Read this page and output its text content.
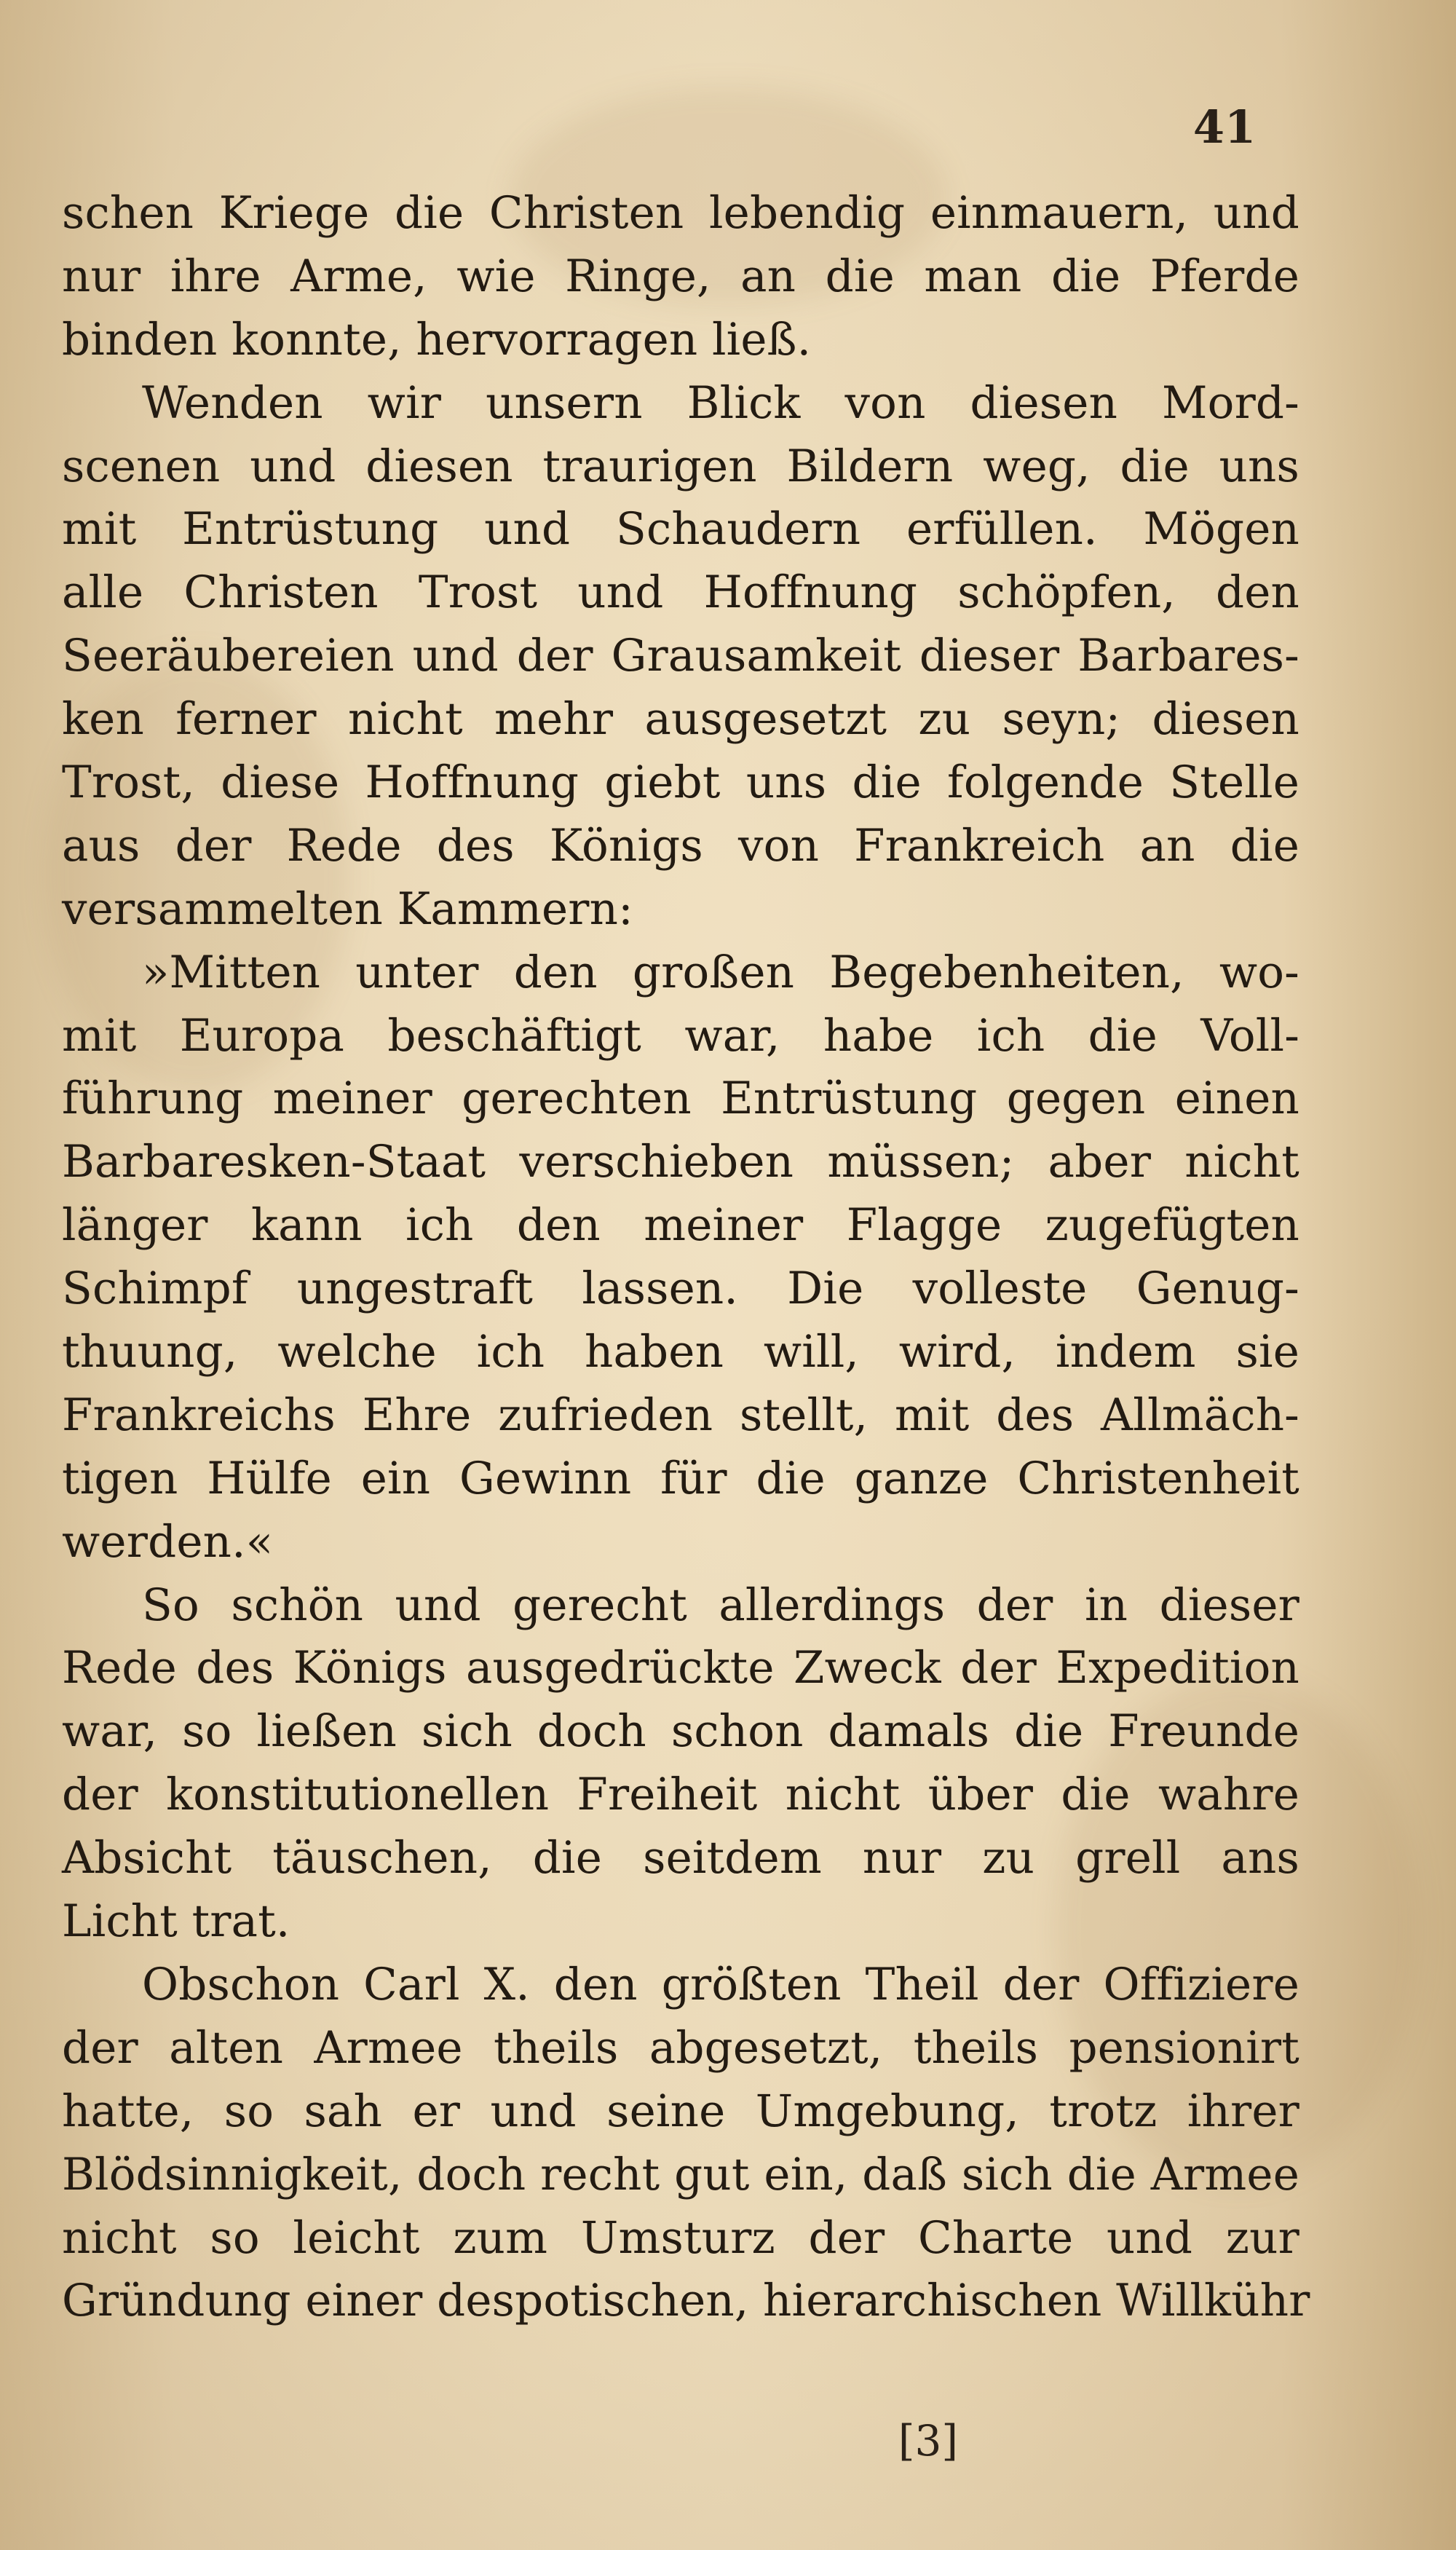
41
schen Kriege die Christen lebendig einmauern, und
nur ihre Arme, wie Ringe, an die man die Pferde
binden konnte, hervorragen ließ.
Wenden wir unsern Blick von diesen Mord-
scenen und diesen traurigen Bildern weg, die uns
mit Entrüstung und Schaudern erfüllen. Mögen
alle Christen Trost und Hoffnung schöpfen, den
Seeräubereien und der Grausamkeit dieser Barbares-
ken ferner nicht mehr ausgesetzt zu seyn; diesen
Trost, diese Hoffnung giebt uns die folgende Stelle
aus der Rede des Königs von Frankreich an die
versammelten Kammern:
»Mitten unter den großen Begebenheiten, wo-
mit Europa beschäftigt war, habe ich die Voll-
führung meiner gerechten Entrüstung gegen einen
Barbaresken-Staat verschieben müssen; aber nicht
länger kann ich den meiner Flagge zugefügten
Schimpf ungestraft lassen. Die volleste Genug-
thuung, welche ich haben will, wird, indem sie
Frankreichs Ehre zufrieden stellt, mit des Allmäch-
tigen Hülfe ein Gewinn für die ganze Christenheit
werden.«
So schön und gerecht allerdings der in dieser
Rede des Königs ausgedrückte Zweck der Expedition
war, so ließen sich doch schon damals die Freunde
der konstitutionellen Freiheit nicht über die wahre
Absicht täuschen, die seitdem nur zu grell ans
Licht trat.
Obschon Carl X. den größten Theil der Offiziere
der alten Armee theils abgesetzt, theils pensionirt
hatte, so sah er und seine Umgebung, trotz ihrer
Blödsinnigkeit, doch recht gut ein, daß sich die Armee
nicht so leicht zum Umsturz der Charte und zur
Gründung einer despotischen, hierarchischen Willkühr
[3]
